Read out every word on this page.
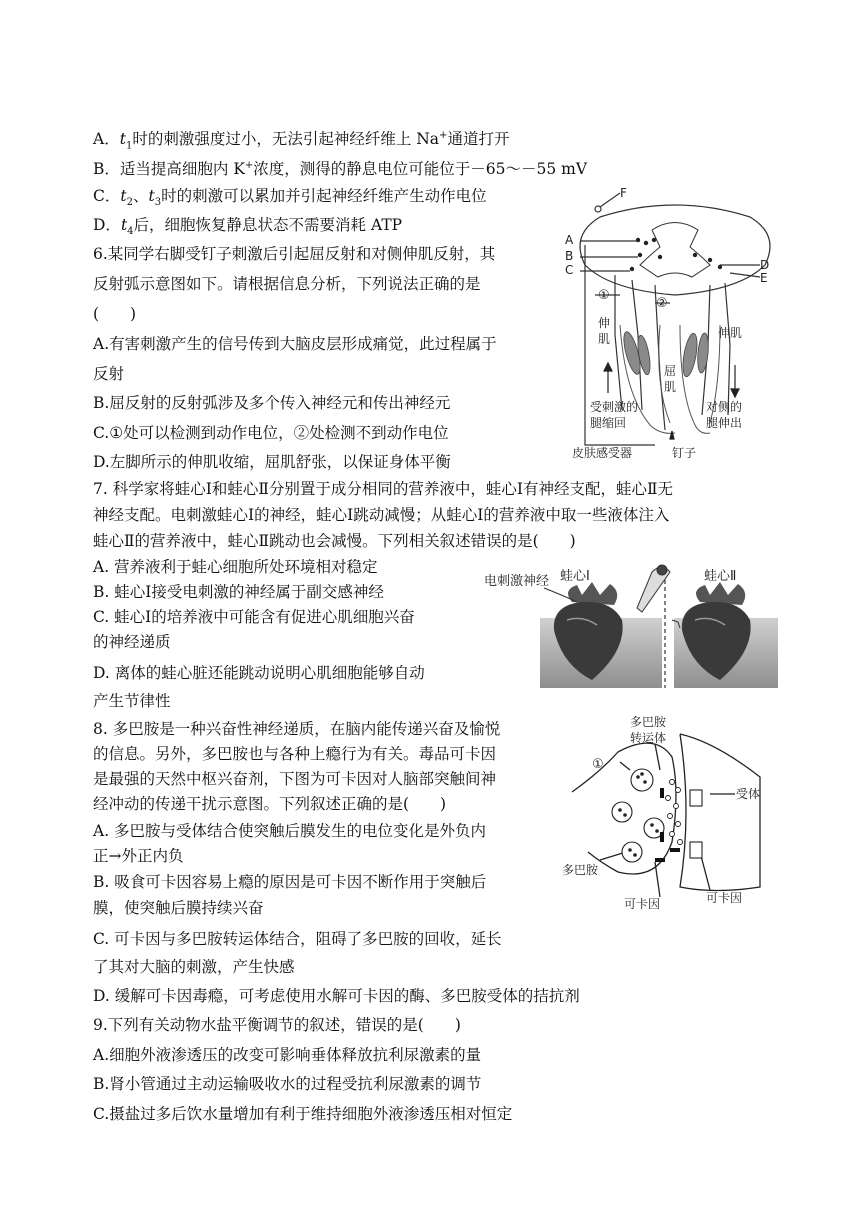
A．$t_1$时的刺激强度过小，无法引起神经纤维上 Na+通道打开
B．适当提高细胞内 K+浓度，测得的静息电位可能位于－65～－55 mV
C．$t_2$、$t_3$时的刺激可以累加并引起神经纤维产生动作电位
D．$t_4$后，细胞恢复静息状态不需要消耗 ATP
6.某同学右脚受钉子刺激后引起屈反射和对侧伸肌反射，其
反射弧示意图如下。请根据信息分析，下列说法正确的是
(　　)
A.有害刺激产生的信号传到大脑皮层形成痛觉，此过程属于
反射
B.屈反射的反射弧涉及多个传入神经元和传出神经元
C.①处可以检测到动作电位，②处检测不到动作电位
D.左脚所示的伸肌收缩，屈肌舒张，以保证身体平衡
F
A
B
C	D
E
①
②
伸
肌	伸肌
屈
肌
受刺激的
腿缩回
对侧的
腿伸出
皮肤感受器	钉子
7. 科学家将蛙心Ⅰ和蛙心Ⅱ分别置于成分相同的营养液中，蛙心Ⅰ有神经支配，蛙心Ⅱ无
神经支配。电刺激蛙心Ⅰ的神经，蛙心Ⅰ跳动减慢；从蛙心Ⅰ的营养液中取一些液体注入
蛙心Ⅱ的营养液中，蛙心Ⅱ跳动也会减慢。下列相关叙述错误的是(　　)
A. 营养液利于蛙心细胞所处环境相对稳定
B. 蛙心Ⅰ接受电刺激的神经属于副交感神经
C. 蛙心Ⅰ的培养液中可能含有促进心肌细胞兴奋
的神经递质
D. 离体的蛙心脏还能跳动说明心肌细胞能够自动
产生节律性
电刺激神经 蛙心Ⅰ	蛙心Ⅱ
8. 多巴胺是一种兴奋性神经递质，在脑内能传递兴奋及愉悦
的信息。另外，多巴胺也与各种上瘾行为有关。毒品可卡因
是最强的天然中枢兴奋剂，下图为可卡因对人脑部突触间神
经冲动的传递干扰示意图。下列叙述正确的是(　　)
A. 多巴胺与受体结合使突触后膜发生的电位变化是外负内
正→外正内负
B. 吸食可卡因容易上瘾的原因是可卡因不断作用于突触后
膜，使突触后膜持续兴奋
C. 可卡因与多巴胺转运体结合，阻碍了多巴胺的回收，延长
了其对大脑的刺激，产生快感
D. 缓解可卡因毒瘾，可考虑使用水解可卡因的酶、多巴胺受体的拮抗剂
多巴胺
转运体
①
受体
多巴胺
可卡因	可卡因
9.下列有关动物水盐平衡调节的叙述，错误的是(　　)
A.细胞外液渗透压的改变可影响垂体释放抗利尿激素的量
B.肾小管通过主动运输吸收水的过程受抗利尿激素的调节
C.摄盐过多后饮水量增加有利于维持细胞外液渗透压相对恒定
